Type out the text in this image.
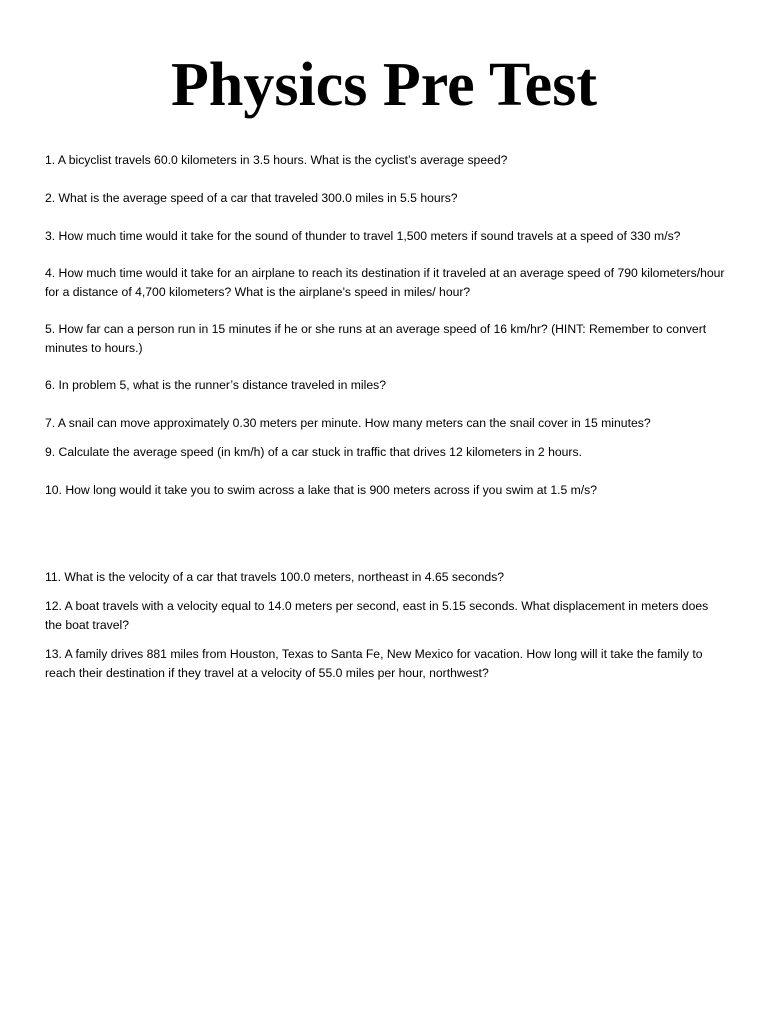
Physics Pre Test

1. A bicyclist travels 60.0 kilometers in 3.5 hours. What is the cyclist’s average speed?

2. What is the average speed of a car that traveled 300.0 miles in 5.5 hours?

3. How much time would it take for the sound of thunder to travel 1,500 meters if sound travels at a speed of 330 m/s?

4. How much time would it take for an airplane to reach its destination if it traveled at an average speed of 790 kilometers/hour for a distance of 4,700 kilometers? What is the airplane’s speed in miles/ hour?

5. How far can a person run in 15 minutes if he or she runs at an average speed of 16 km/hr? (HINT: Remember to convert minutes to hours.)

6. In problem 5, what is the runner’s distance traveled in miles?

7. A snail can move approximately 0.30 meters per minute. How many meters can the snail cover in 15 minutes?

9. Calculate the average speed (in km/h) of a car stuck in traffic that drives 12 kilometers in 2 hours.

10. How long would it take you to swim across a lake that is 900 meters across if you swim at 1.5 m/s?

11. What is the velocity of a car that travels 100.0 meters, northeast in 4.65 seconds?

12. A boat travels with a velocity equal to 14.0 meters per second, east in 5.15 seconds. What displacement in meters does the boat travel?

13. A family drives 881 miles from Houston, Texas to Santa Fe, New Mexico for vacation. How long will it take the family to reach their destination if they travel at a velocity of 55.0 miles per hour, northwest?
